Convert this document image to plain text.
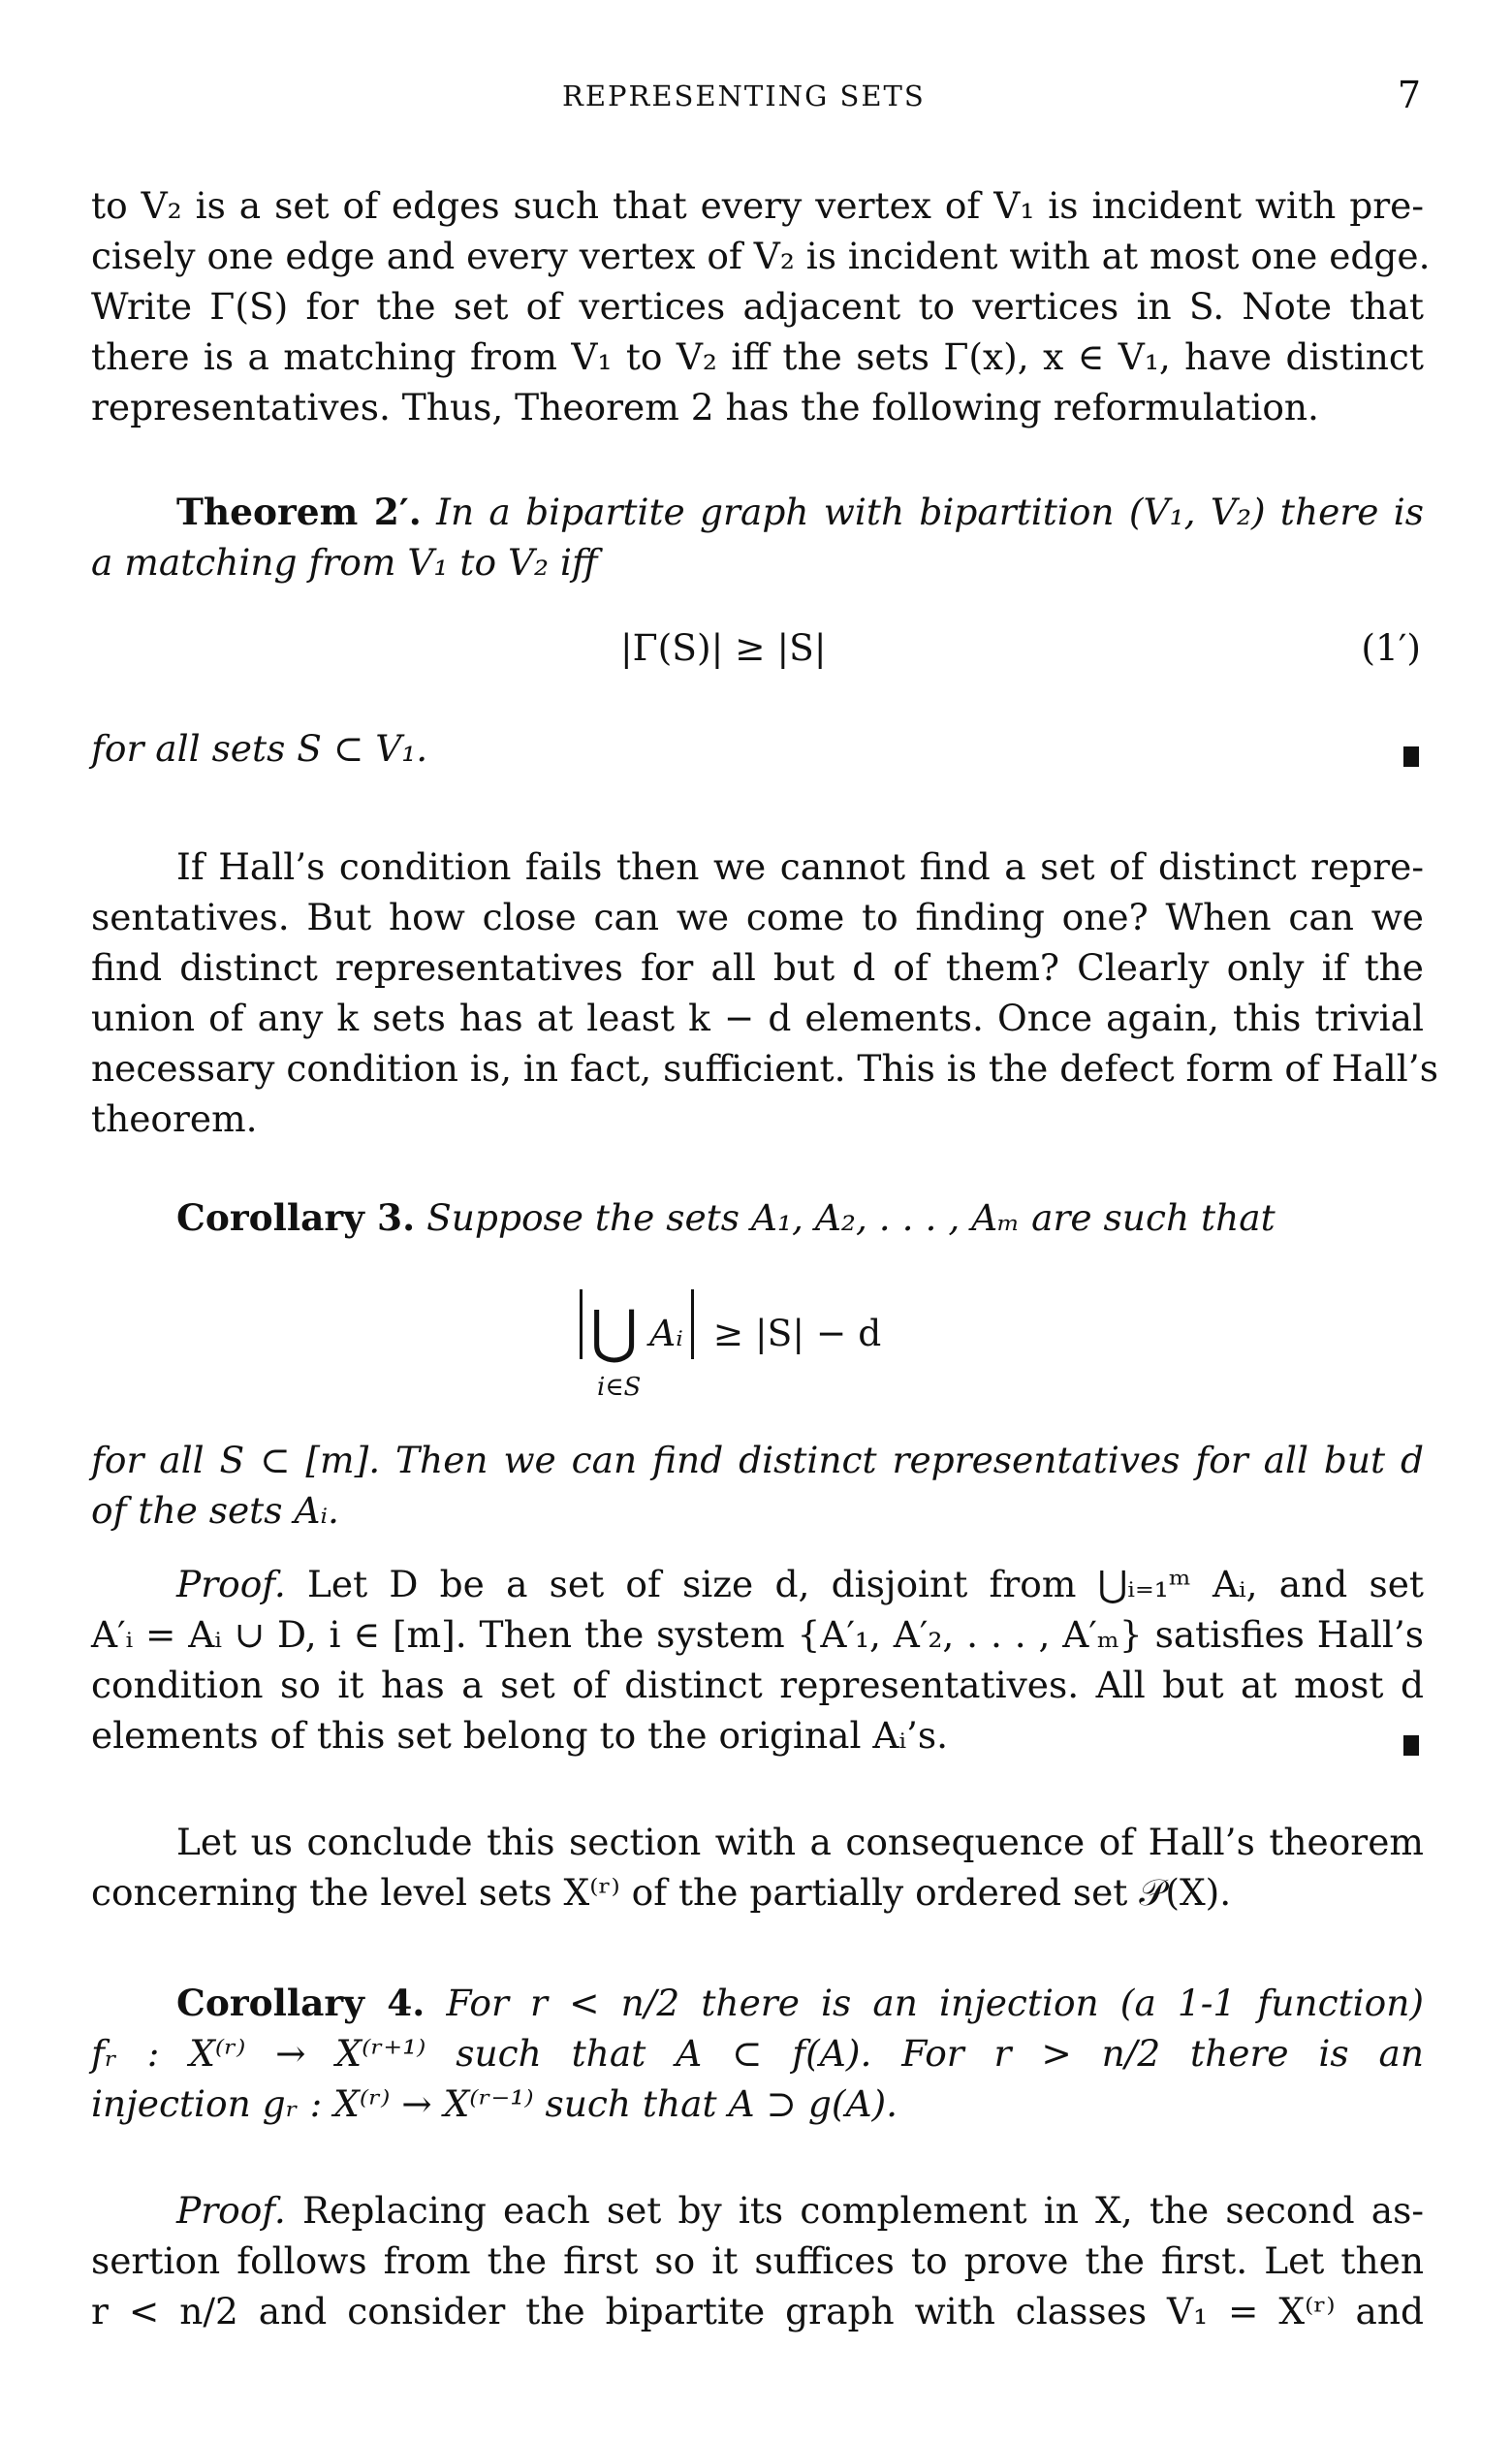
REPRESENTING SETS	7
to V₂ is a set of edges such that every vertex of V₁ is incident with pre-
cisely one edge and every vertex of V₂ is incident with at most one edge.
Write Γ(S) for the set of vertices adjacent to vertices in S. Note that
there is a matching from V₁ to V₂ iff the sets Γ(x), x ∈ V₁, have distinct
representatives. Thus, Theorem 2 has the following reformulation.
Theorem 2′. In a bipartite graph with bipartition (V₁, V₂) there is
a matching from V₁ to V₂ iff
|Γ(S)| ≥ |S|	(1′)
for all sets S ⊂ V₁.
If Hall’s condition fails then we cannot find a set of distinct repre-
sentatives. But how close can we come to finding one? When can we
find distinct representatives for all but d of them? Clearly only if the
union of any k sets has at least k − d elements. Once again, this trivial
necessary condition is, in fact, sufficient. This is the defect form of Hall’s
theorem.
Corollary 3. Suppose the sets A₁, A₂, . . . , Aₘ are such that
⋃ Aᵢ ≥ |S| − d
i∈S
for all S ⊂ [m]. Then we can find distinct representatives for all but d
of the sets Aᵢ.
Proof. Let D be a set of size d, disjoint from ⋃ᵢ₌₁ᵐ Aᵢ, and set
A′ᵢ = Aᵢ ∪ D, i ∈ [m]. Then the system {A′₁, A′₂, . . . , A′ₘ} satisfies Hall’s
condition so it has a set of distinct representatives. All but at most d
elements of this set belong to the original Aᵢ’s.
Let us conclude this section with a consequence of Hall’s theorem
concerning the level sets X⁽ʳ⁾ of the partially ordered set 𝒫(X).
Corollary 4. For r < n/2 there is an injection (a 1-1 function)
fᵣ : X⁽ʳ⁾ → X⁽ʳ⁺¹⁾ such that A ⊂ f(A). For r > n/2 there is an
injection gᵣ : X⁽ʳ⁾ → X⁽ʳ⁻¹⁾ such that A ⊃ g(A).
Proof. Replacing each set by its complement in X, the second as-
sertion follows from the first so it suffices to prove the first. Let then
r < n/2 and consider the bipartite graph with classes V₁ = X⁽ʳ⁾ and
